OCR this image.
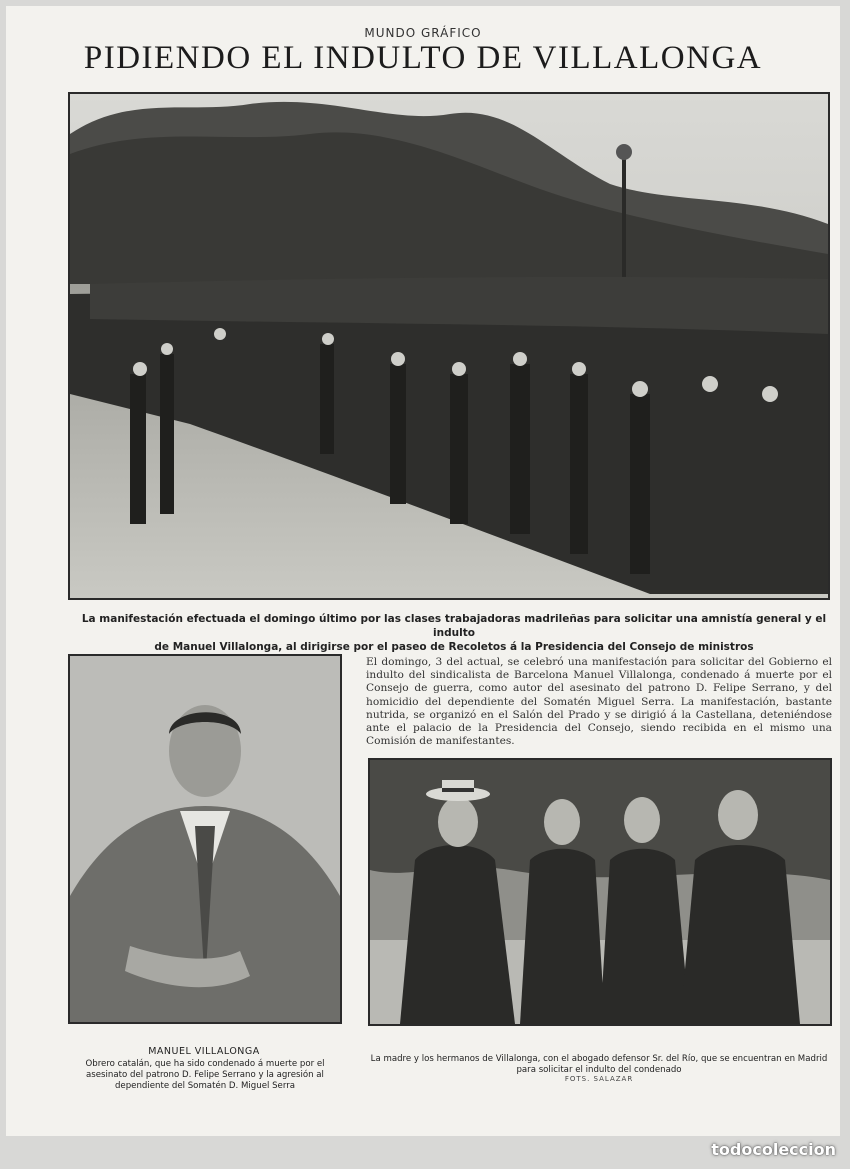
MUNDO GRÁFICO
PIDIENDO EL INDULTO DE VILLALONGA
La manifestación efectuada el domingo último por las clases trabajadoras madrileñas para solicitar una amnistía general y el indulto
de Manuel Villalonga, al dirigirse por el paseo de Recoletos á la Presidencia del Consejo de ministros
El domingo, 3 del actual, se celebró una manifestación para solicitar del Gobierno el indulto del sindicalista de Barcelona Manuel Villalonga, condenado á muerte por el Consejo de guerra, como autor del asesinato del patrono D. Felipe Serrano, y del homicidio del dependiente del Somatén Miguel Serra. La manifestación, bastante nutrida, se organizó en el Salón del Prado y se dirigió á la Castellana, deteniéndose ante el palacio de la Presidencia del Consejo, siendo recibida en el mismo una Comisión de manifestantes.
MANUEL VILLALONGA
Obrero catalán, que ha sido condenado á muerte por el asesinato del patrono D. Felipe Serrano y la agresión al dependiente del Somatén D. Miguel Serra
La madre y los hermanos de Villalonga, con el abogado defensor Sr. del Río, que se encuentran en Madrid para solicitar el indulto del condenado
FOTS. SALAZAR
todocoleccion
